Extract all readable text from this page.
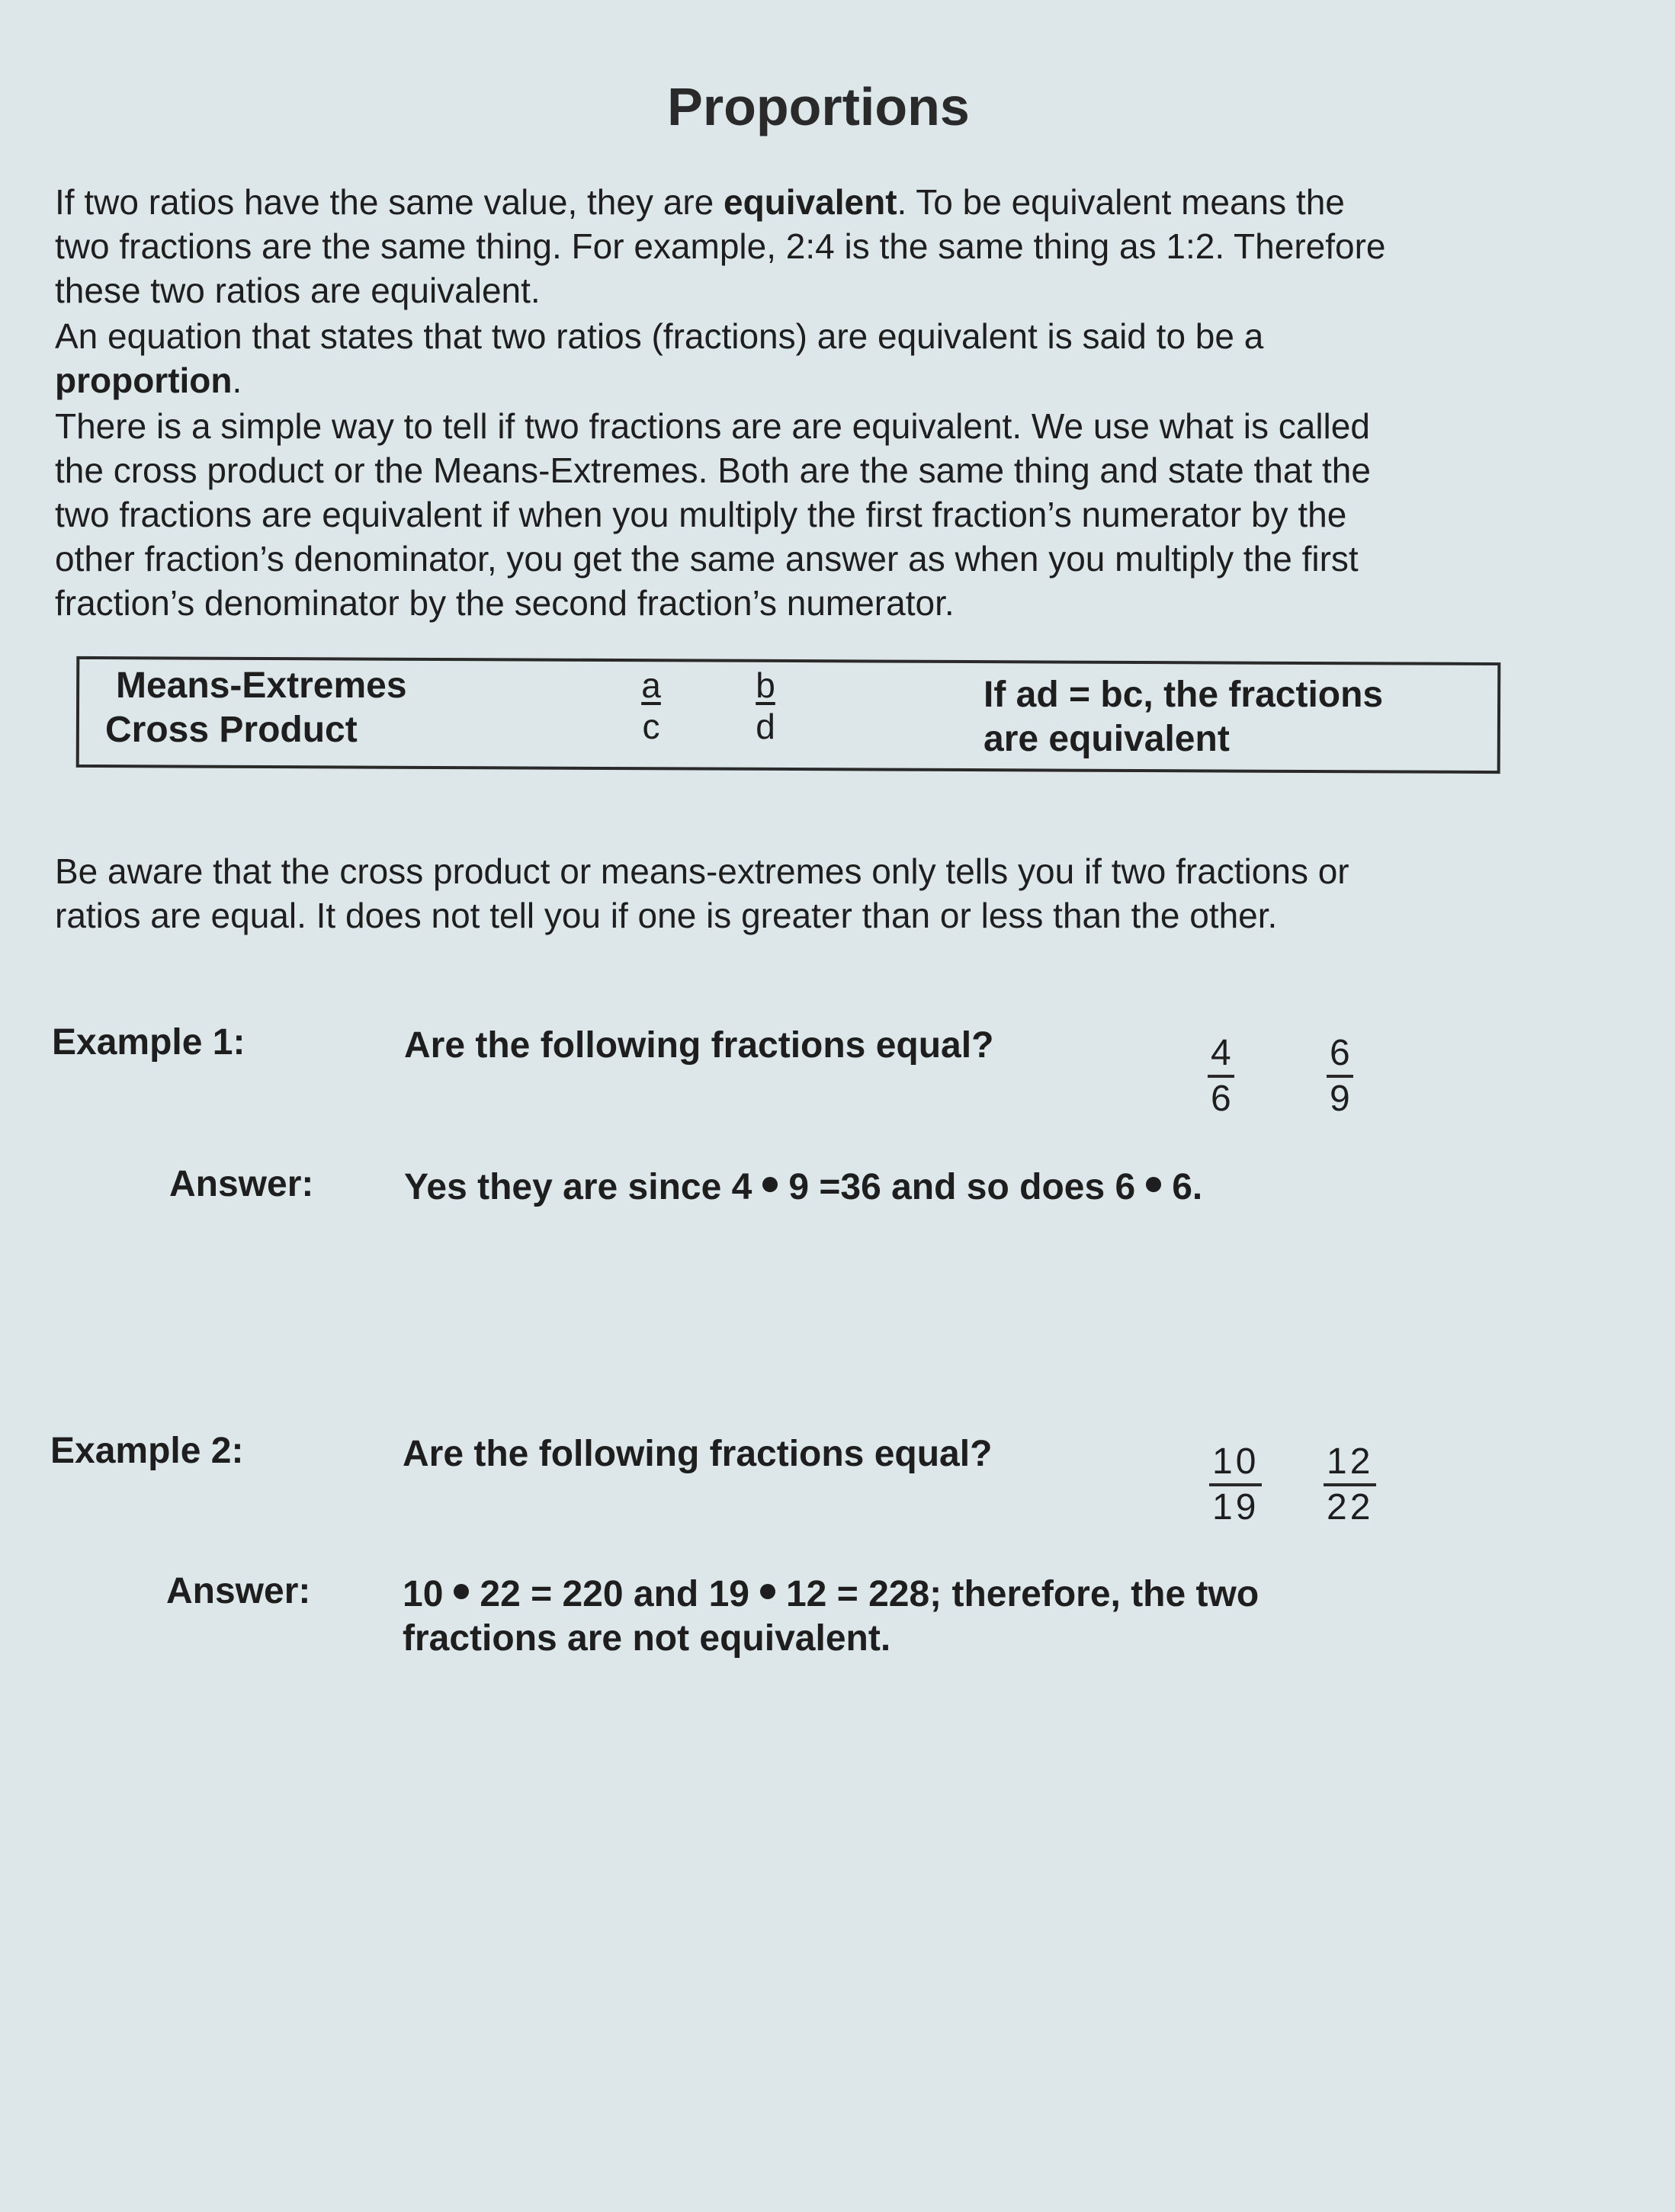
Proportions
If two ratios have the same value, they are equivalent. To be equivalent means the
two fractions are the same thing. For example, 2:4 is the same thing as 1:2. Therefore
these two ratios are equivalent.
An equation that states that two ratios (fractions) are equivalent is said to be a
proportion.
There is a simple way to tell if two fractions are are equivalent. We use what is called
the cross product or the Means-Extremes. Both are the same thing and state that the
two fractions are equivalent if when you multiply the first fraction’s numerator by the
other fraction’s denominator, you get the same answer as when you multiply the first
fraction’s denominator by the second fraction’s numerator.
Means-Extremes
Cross Product	$\frac{a}{c} \frac{b}{d}$	If ad = bc, the fractions
are equivalent
Be aware that the cross product or means-extremes only tells you if two fractions or
ratios are equal. It does not tell you if one is greater than or less than the other.
Example 1:	Are the following fractions equal?	$\frac{4}{6}$	$\frac{6}{9}$
Answer: Yes they are since 4 9 =36 and so does 6 6.
Example 2:	Are the following fractions equal?	$\frac{10}{19} \frac{12}{22}$
Answer:	10 22 = 220 and 19 12 = 228; therefore, the two
fractions are not equivalent.
